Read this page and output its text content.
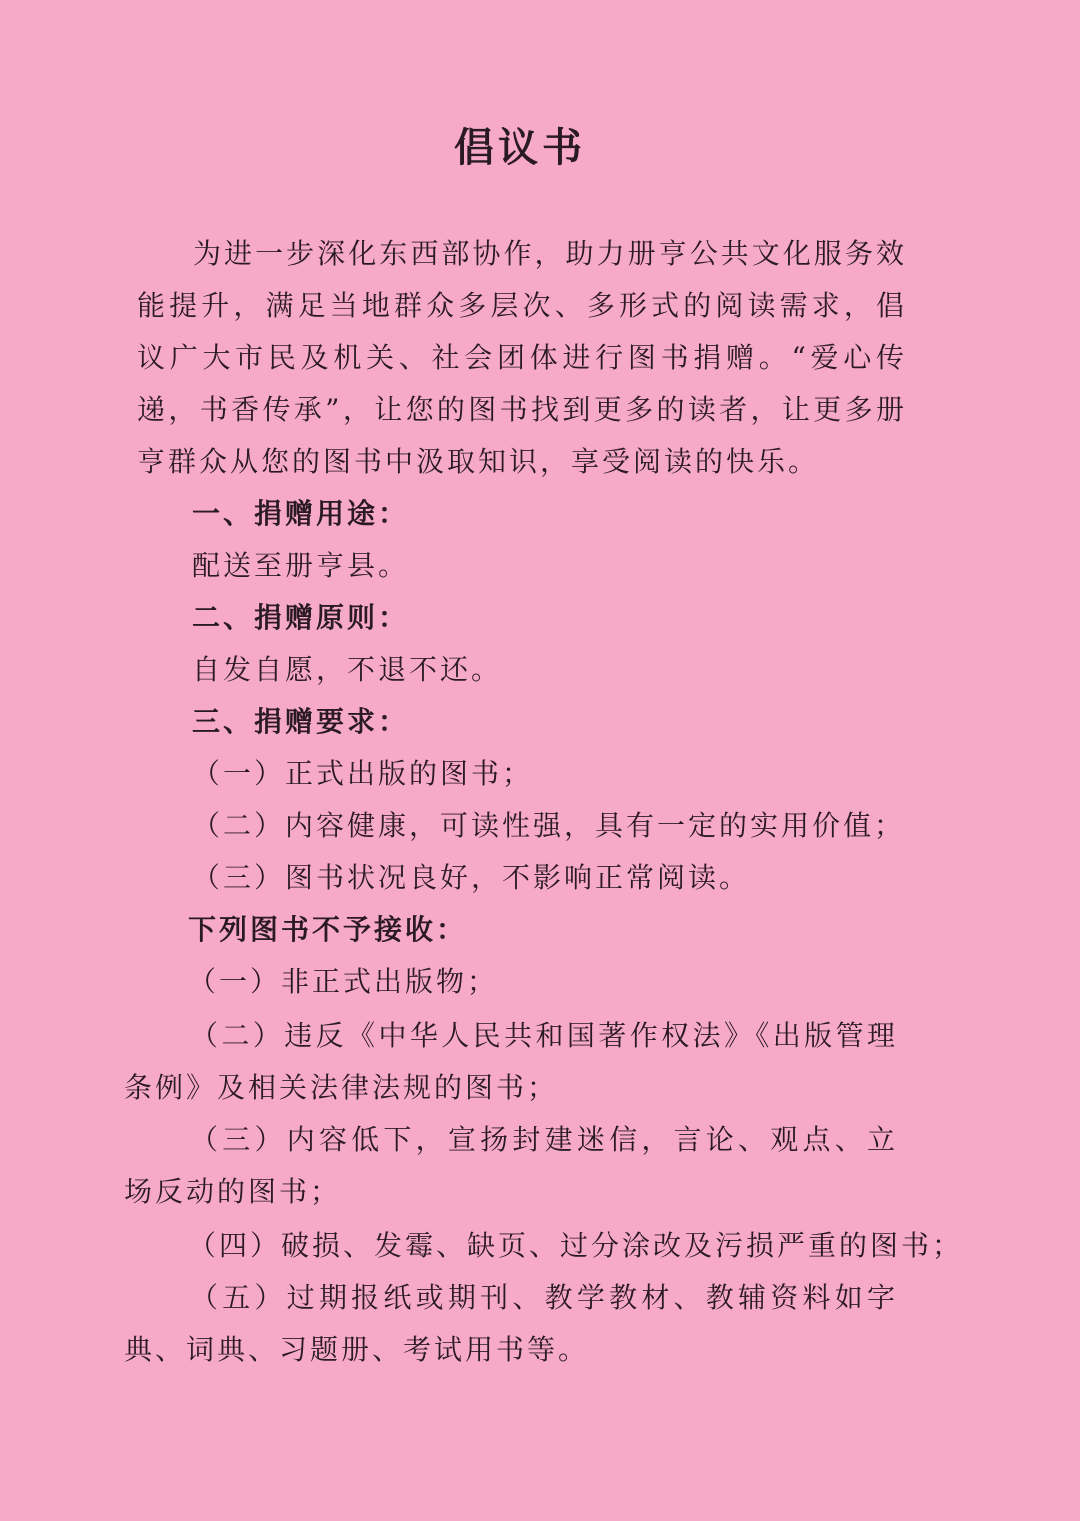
倡议书
为进一步深化东西部协作，助力册亨公共文化服务效能提升，满足当地群众多层次、多形式的阅读需求，倡议广大市民及机关、社会团体进行图书捐赠。“爱心传递，书香传承”，让您的图书找到更多的读者，让更多册亨群众从您的图书中汲取知识，享受阅读的快乐。
一、捐赠用途：
配送至册亨县。
二、捐赠原则：
自发自愿，不退不还。
三、捐赠要求：
（一）正式出版的图书；
（二）内容健康，可读性强，具有一定的实用价值；
（三）图书状况良好，不影响正常阅读。
下列图书不予接收：
（一）非正式出版物；
（二）违反《中华人民共和国著作权法》《出版管理条例》及相关法律法规的图书；
（三）内容低下，宣扬封建迷信，言论、观点、立场反动的图书；
（四）破损、发霉、缺页、过分涂改及污损严重的图书；
（五）过期报纸或期刊、教学教材、教辅资料如字典、词典、习题册、考试用书等。
